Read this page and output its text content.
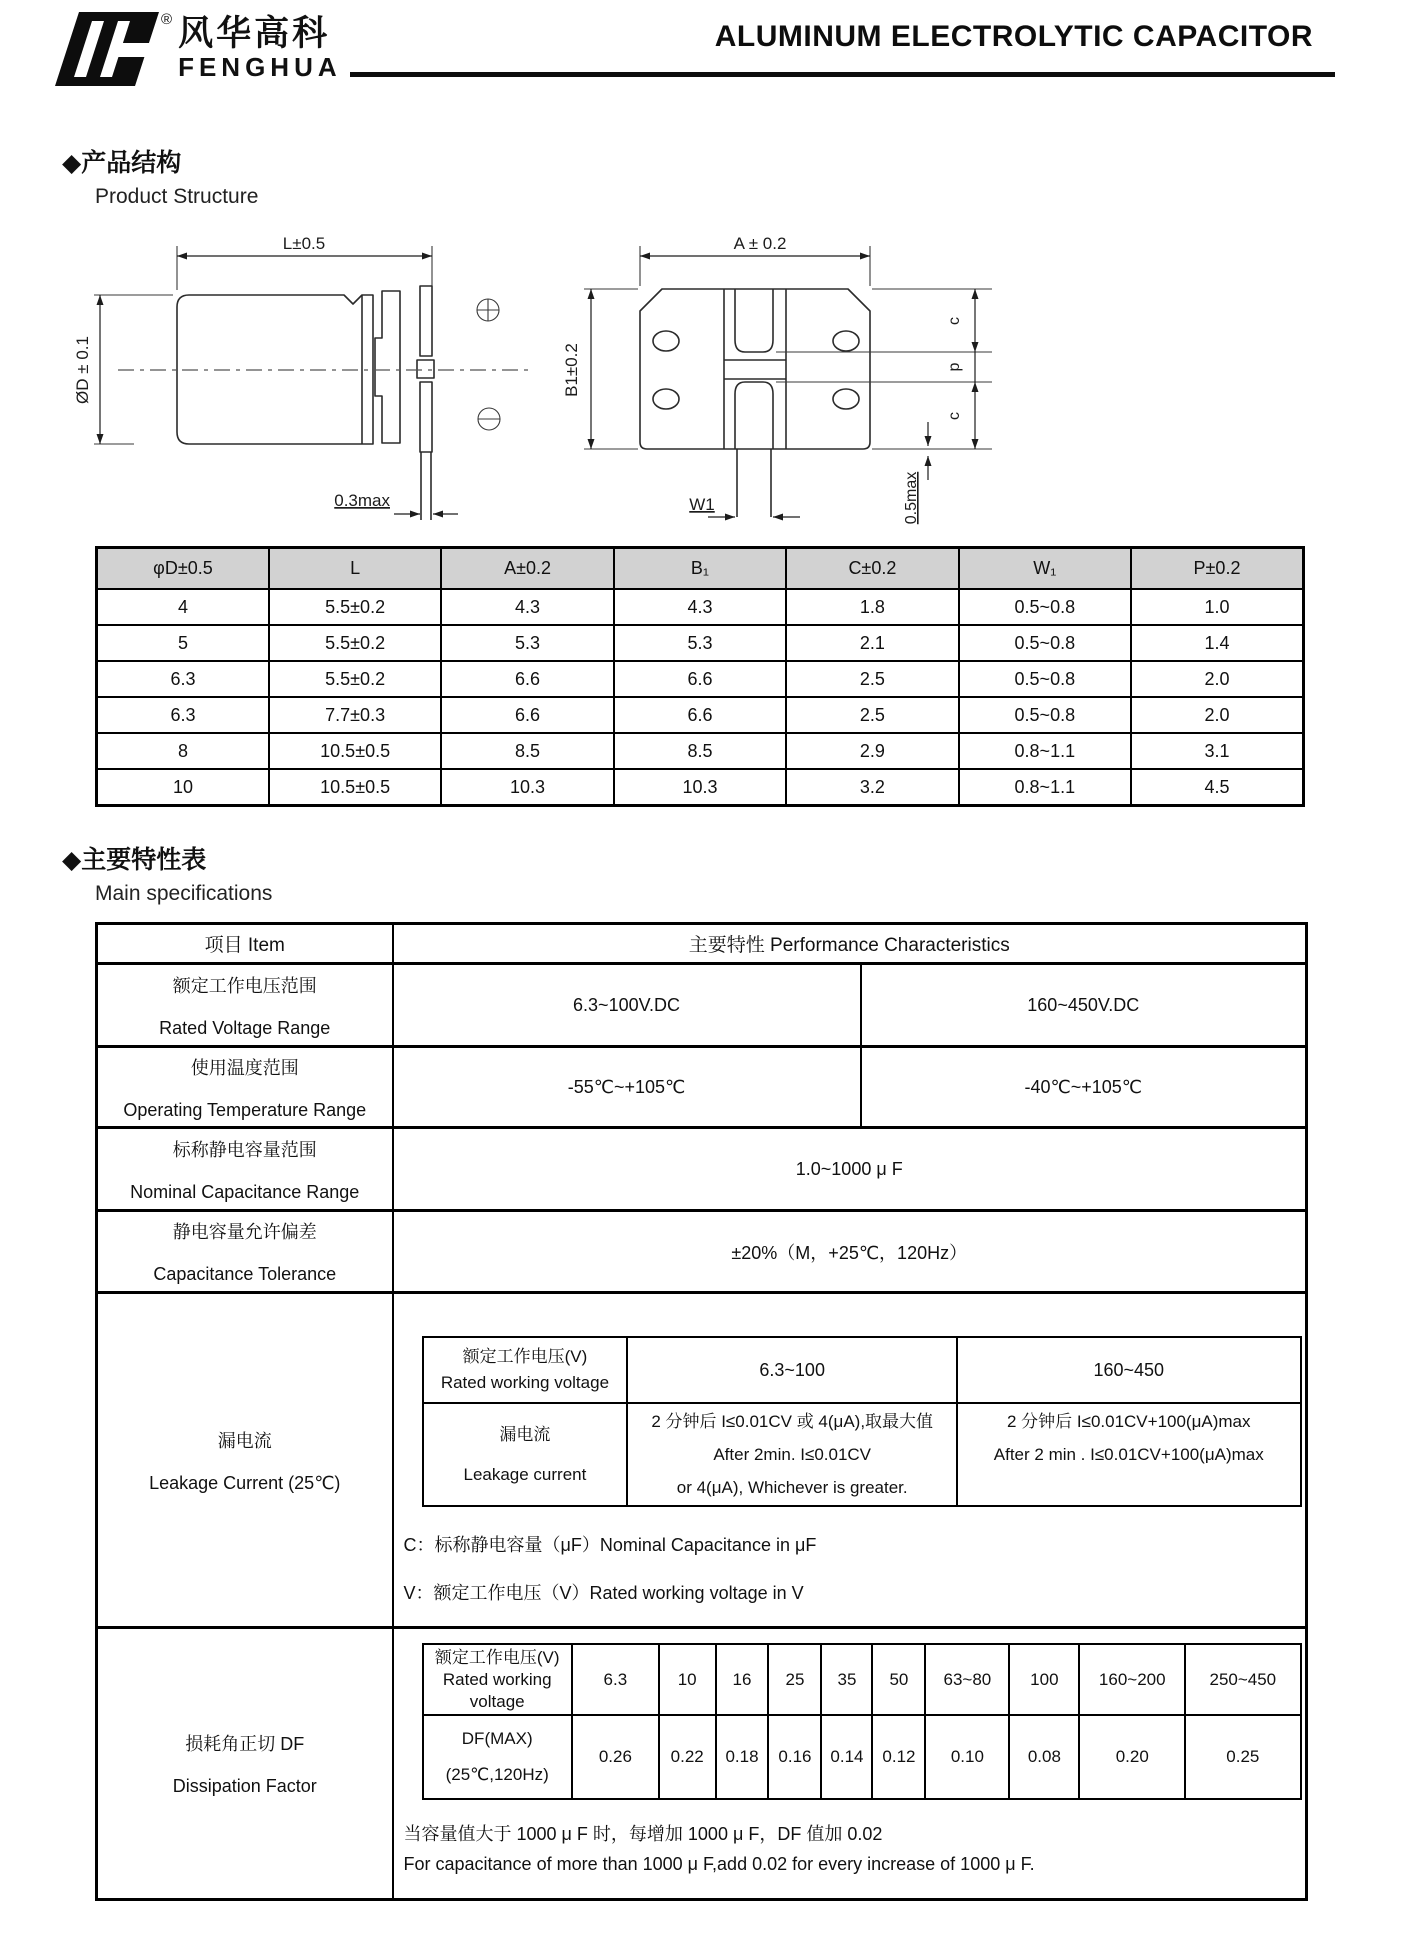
® 风华高科
FENGHUA
ALUMINUM ELECTROLYTIC CAPACITOR
◆产品结构
Product Structure
L±0.5
ØD ± 0.1
0.3max
A ± 0.2
B1±0.2
c
p
c
0.5max
W1
φD±0.5	L	A±0.2	B₁	C±0.2	W₁	P±0.2
4	5.5±0.2	4.3	4.3	1.8	0.5~0.8	1.0
5	5.5±0.2	5.3	5.3	2.1	0.5~0.8	1.4
6.3	5.5±0.2	6.6	6.6	2.5	0.5~0.8	2.0
6.3	7.7±0.3	6.6	6.6	2.5	0.5~0.8	2.0
8	10.5±0.5	8.5	8.5	2.9	0.8~1.1	3.1
10	10.5±0.5	10.3	10.3	3.2	0.8~1.1	4.5
◆主要特性表
Main specifications
项目 Item	主要特性 Performance Characteristics

额定工作电压范围
Rated Voltage Range
	6.3~100V.DC	160~450V.DC

使用温度范围
Operating Temperature Range
	-55℃~+105℃	-40℃~+105℃

标称静电容量范围
Nominal Capacitance Range
	1.0~1000 μ F

静电容量允许偏差
Capacitance Tolerance
	±20%（M，+25℃，120Hz）

漏电流
Leakage Current (25℃)

额定工作电压(V)
Rated working voltage
	6.3~100	160~450

漏电流
Leakage current

2 分钟后 I≤0.01CV 或 4(μA),取最大值
After 2min. I≤0.01CV
or 4(μA), Whichever is greater.

2 分钟后 I≤0.01CV+100(μA)max
After 2 min . I≤0.01CV+100(μA)max
C：标称静电容量（μF）Nominal Capacitance in μF
V：额定工作电压（V）Rated working voltage in V

损耗角正切 DF
Dissipation Factor

额定工作电压(V)
Rated working
voltage
	6.3	10	16	25	35	50	63~80	100	160~200	250~450

DF(MAX)
(25℃,120Hz)
	0.26	0.22	0.18	0.16	0.14	0.12	0.10	0.08	0.20	0.25
当容量值大于 1000 μ F 时，每增加 1000 μ F，DF 值加 0.02
For capacitance of more than 1000 μ F,add 0.02 for every increase of 1000 μ F.
